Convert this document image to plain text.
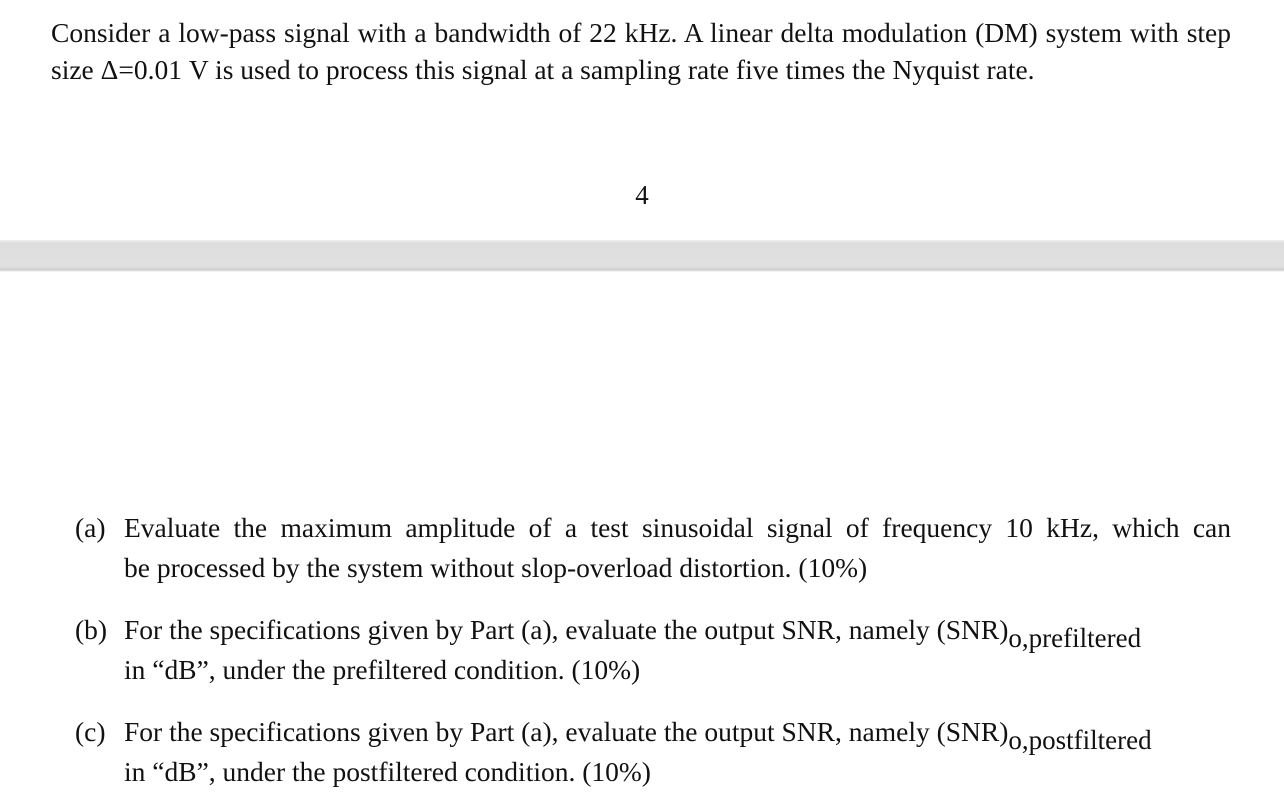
Consider a low-pass signal with a bandwidth of 22 kHz. A linear delta modulation (DM) system with step size Δ=0.01 V is used to process this signal at a sampling rate five times the Nyquist rate.

4
(a) Evaluate the maximum amplitude of a test sinusoidal signal of frequency 10 kHz, which can
be processed by the system without slop-overload distortion. (10%)
(b) For the specifications given by Part (a), evaluate the output SNR, namely (SNR)o,prefiltered
in “dB”, under the prefiltered condition. (10%)
(c) For the specifications given by Part (a), evaluate the output SNR, namely (SNR)o,postfiltered
in “dB”, under the postfiltered condition. (10%)
